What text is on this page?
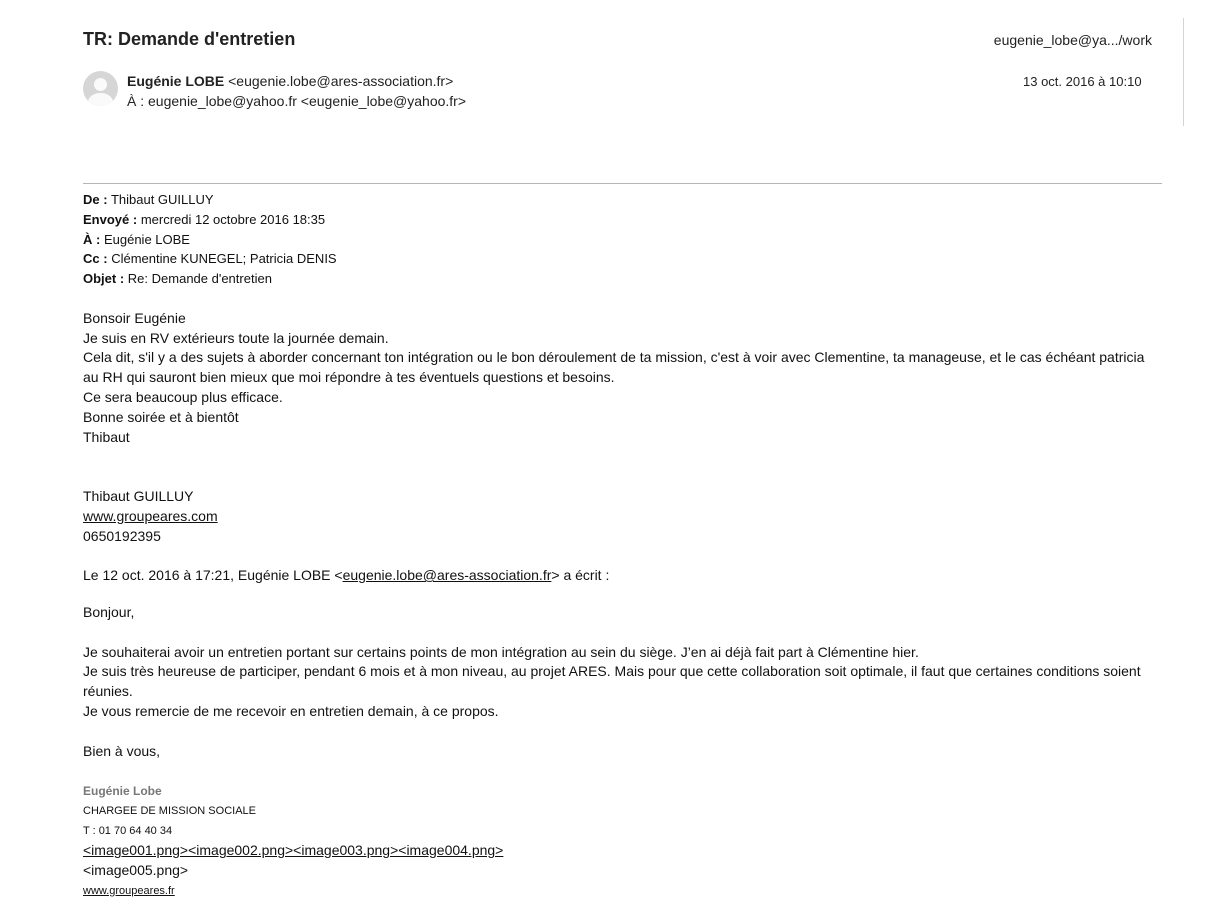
TR: Demande d'entretien	eugenie_lobe@ya.../work
Eugénie LOBE <eugenie.lobe@ares-association.fr>
À : eugenie_lobe@yahoo.fr <eugenie_lobe@yahoo.fr>
13 oct. 2016 à 10:10

De : Thibaut GUILLUY

Envoyé : mercredi 12 octobre 2016 18:35

À : Eugénie LOBE

Cc : Clémentine KUNEGEL; Patricia DENIS

Objet : Re: Demande d'entretien

Bonsoir Eugénie

Je suis en RV extérieurs toute la journée demain.

Cela dit, s'il y a des sujets à aborder concernant ton intégration ou le bon déroulement de ta mission, c'est à voir avec Clementine, ta manageuse, et le cas échéant patricia au RH qui sauront bien mieux que moi répondre à tes éventuels questions et besoins.

Ce sera beaucoup plus efficace.

Bonne soirée et à bientôt

Thibaut

Thibaut GUILLUY

www.groupeares.com

0650192395

Le 12 oct. 2016 à 17:21, Eugénie LOBE <eugenie.lobe@ares-association.fr> a écrit :

Bonjour,

Je souhaiterai avoir un entretien portant sur certains points de mon intégration au sein du siège. J’en ai déjà fait part à Clémentine hier.

Je suis très heureuse de participer, pendant 6 mois et à mon niveau, au projet ARES. Mais pour que cette collaboration soit optimale, il faut que certaines conditions soient réunies.

Je vous remercie de me recevoir en entretien demain, à ce propos.

Bien à vous,

Eugénie Lobe

CHARGEE DE MISSION SOCIALE

T : 01 70 64 40 34

<image001.png><image002.png><image003.png><image004.png>

<image005.png>

www.groupeares.fr
